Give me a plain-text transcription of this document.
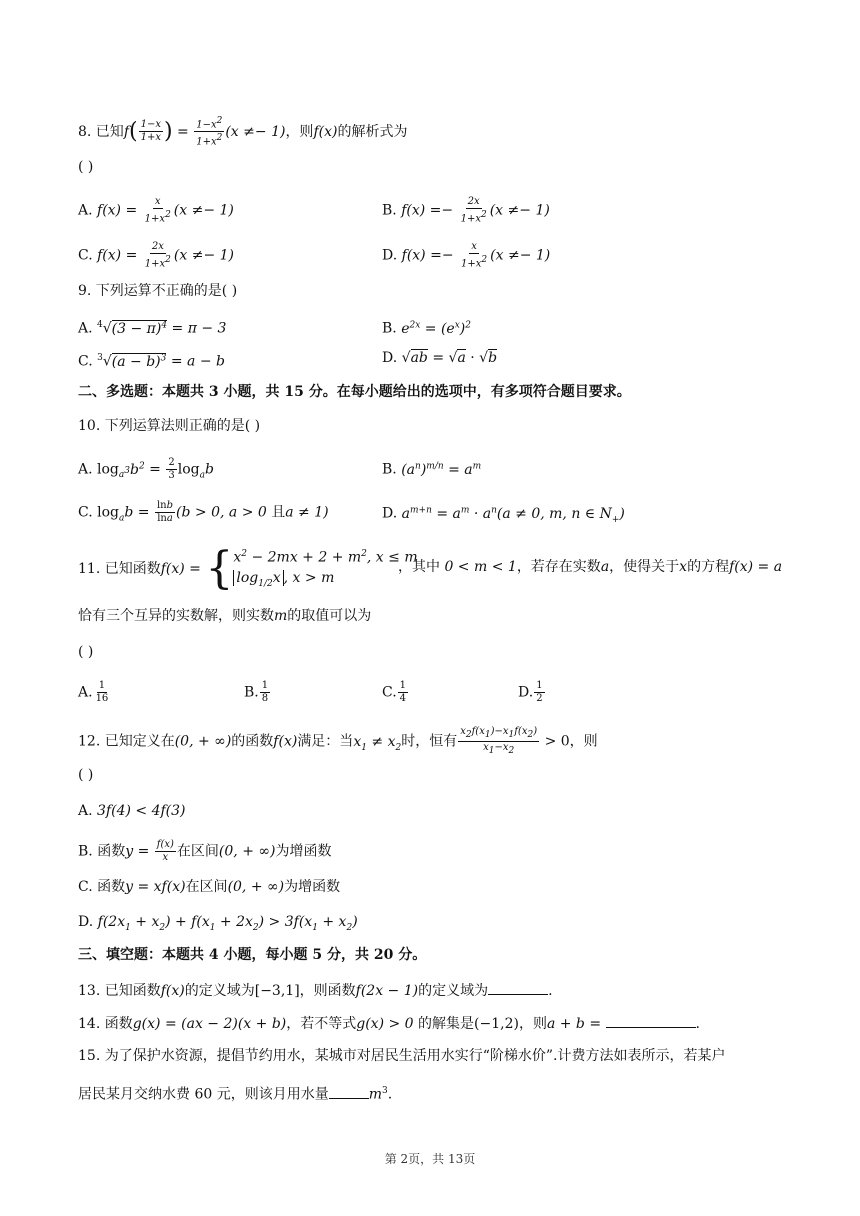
8. 已知$f( \frac{1-x}{1+x}$ ) = $\frac{1-x^2}{1+x^2} (x \ne- 1)$，则f(x)的解析式为
( )
A. $f(x) = \frac{x}{1+x^2} (x \ne- 1)$	B. $f(x) =- \frac{2x}{1+x^2} (x \ne- 1)$
C. $f(x) = \frac{2x}{1+x^2} (x \ne- 1)$	D. $f(x) =- \frac{x}{1+x^2} (x \ne- 1)$
9. 下列运算不正确的是( )
A. $^4√(3 - \pi)^4 = \pi - 3$	B. $e^{2x} = (e^x)^2$
C. $^3√(a - b)^3 = a - b$	D. √ab = √a · √b
二、多选题：本题共 3 小题，共 15 分。在每小题给出的选项中，有多项符合题目要求。
10. 下列运算法则正确的是( )
A. $\log_{a^3}b^2 = \frac{2}{3} \log_ab$	B. $(a^n)^{m/n} = a^m$
C. $\log_ab = \frac{\ln b}{\ln a} (b > 0$, a > 0 且a ≠ 1)	D. $a^{m+n} = a^m \cdot a^n(a \ne 0$, m, n ∈ $N_+$)
11. 已知函数f(x) = { $x^2 - 2mx + 2 + m^2$, x ≤ m
$\log_{1/2}x$ , x > m
，其中 0 < m < 1，若存在实数a，使得关于x的方程f(x) = a
恰有三个互异的实数解，则实数m的取值可以为
( )
A. $\frac{1}{16}$	B. $\frac{1}{8}$	C. $\frac{1}{4}$	D. $\frac{1}{2}$
12. 已知定义在(0, + ∞)的函数f(x)满足：当$x_1 \ne x_2$时，恒有 $\frac{x_2f(x_1)-x_1f(x_2)}{x_1-x_2} > 0$，则
( )
A. 3f(4) < 4f(3)
B. 函数$y = \frac{f(x)}{x}$ 在区间(0, + ∞)为增函数
C. 函数y = xf(x)在区间(0, + ∞)为增函数
D. $f(2x_1 + x_2) + f(x_1 + 2x_2) > 3f(x_1 + x_2)$
三、填空题：本题共 4 小题，每小题 5 分，共 20 分。
13. 已知函数f(x)的定义域为[−3,1]，则函数f(2x − 1)的定义域为	.
14. 函数g(x) = (ax − 2)(x + b)，若不等式g(x) > 0 的解集是(−1,2)，则a + b =	.
15. 为了保护水资源，提倡节约用水，某城市对居民生活用水实行“阶梯水价”.计费方法如表所示，若某户
居民某月交纳水费 60 元，则该月用水量	$m^3$.
第 2页，共 13页
